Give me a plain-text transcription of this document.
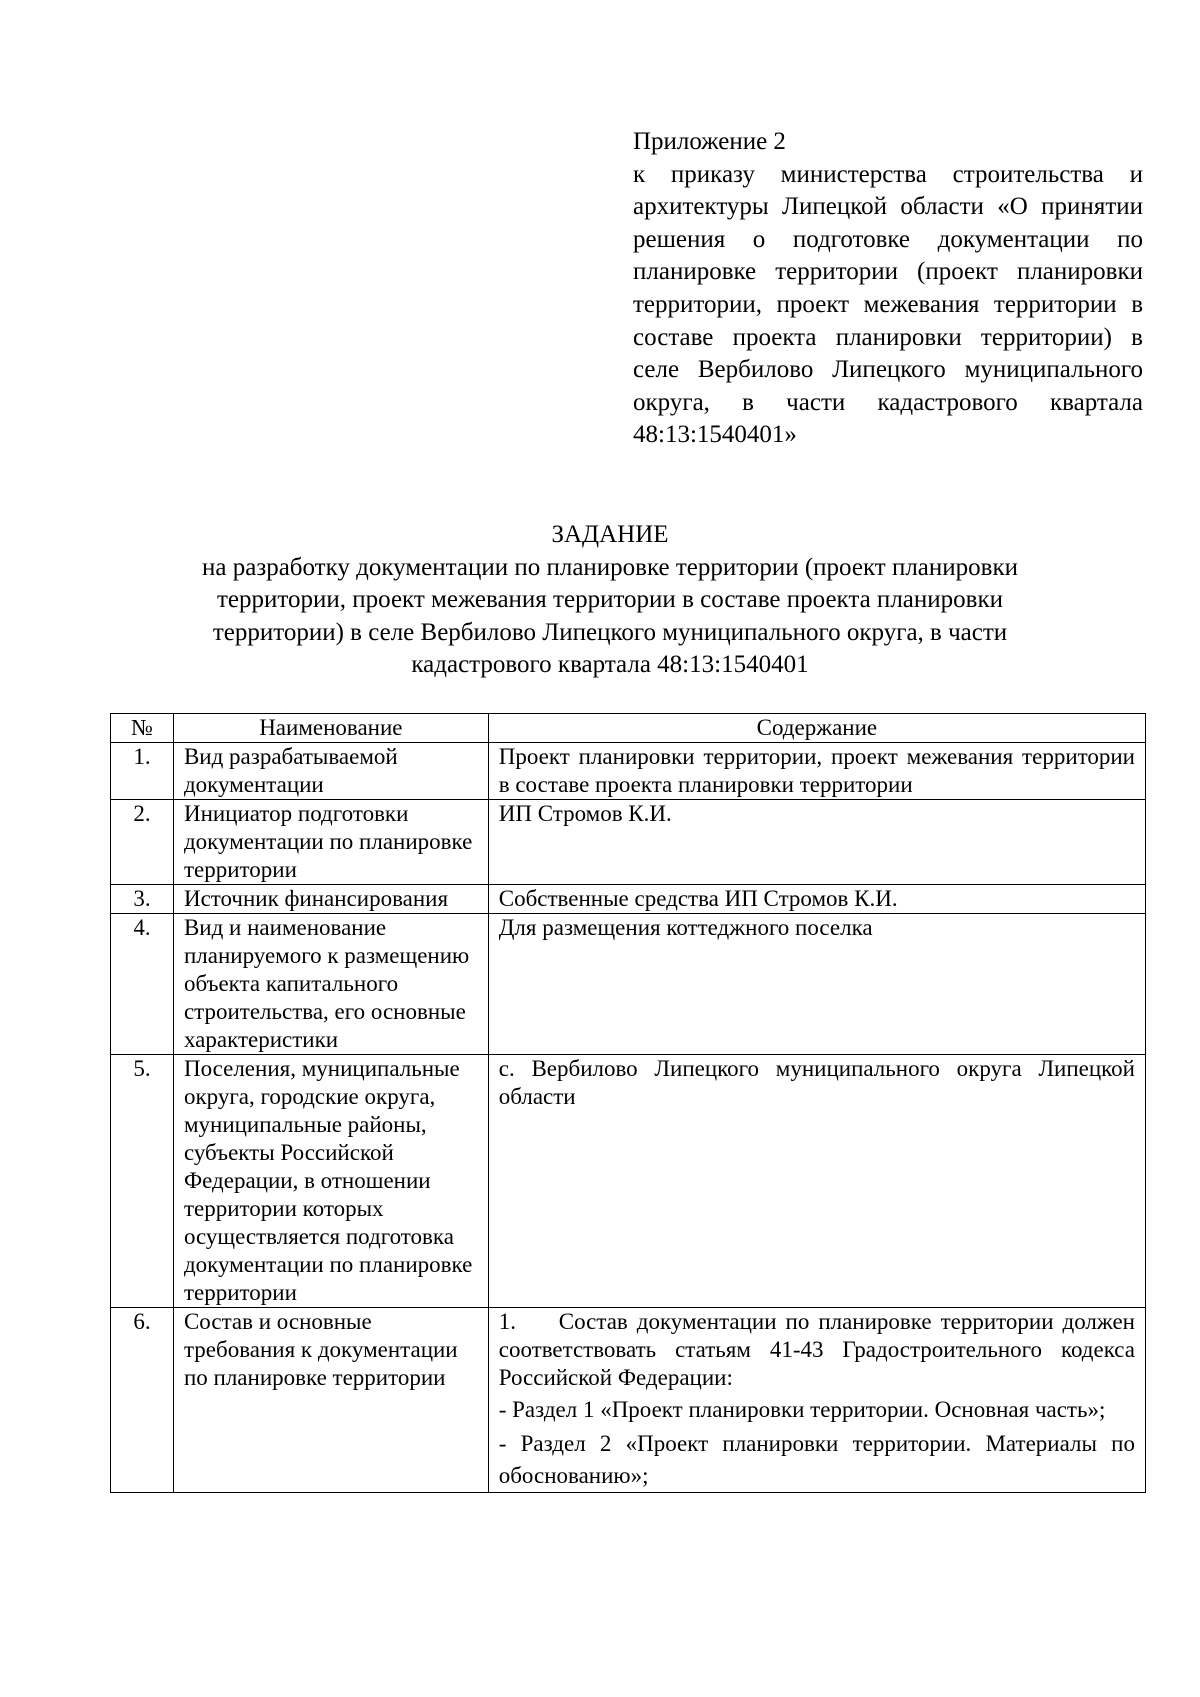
Приложение 2
к приказу министерства строительства и архитектуры Липецкой области «О принятии решения о подготовке документации по планировке территории (проект планировки территории, проект межевания территории в составе проекта планировки территории) в селе Вербилово Липецкого муниципального округа, в части кадастрового квартала 48:13:1540401»
ЗАДАНИЕ
на разработку документации по планировке территории (проект планировки территории, проект межевания территории в составе проекта планировки территории) в селе Вербилово Липецкого муниципального округа, в части кадастрового квартала 48:13:1540401
№	Наименование	Содержание
1.	Вид разрабатываемой документации	Проект планировки территории, проект межевания территории в составе проекта планировки территории

2.	Инициатор подготовки документации по планировке территории	ИП Стромов К.И.
3.	Источник финансирования	Собственные средства ИП Стромов К.И.
4.	Вид и наименование планируемого к размещению объекта капитального строительства, его основные характеристики	Для размещения коттеджного поселка
5.	Поселения, муниципальные округа, городские округа, муниципальные районы, субъекты Российской Федерации, в отношении территории которых осуществляется подготовка документации по планировке территории	с. Вербилово Липецкого муниципального округа Липецкой области
6.	Состав и основные требования к документации по планировке территории	1. Состав документации по планировке территории должен соответствовать статьям 41-43 Градостроительного кодекса Российской Федерации:
- Раздел 1 «Проект планировки территории. Основная часть»;
- Раздел 2 «Проект планировки территории. Материалы по обоснованию»;
